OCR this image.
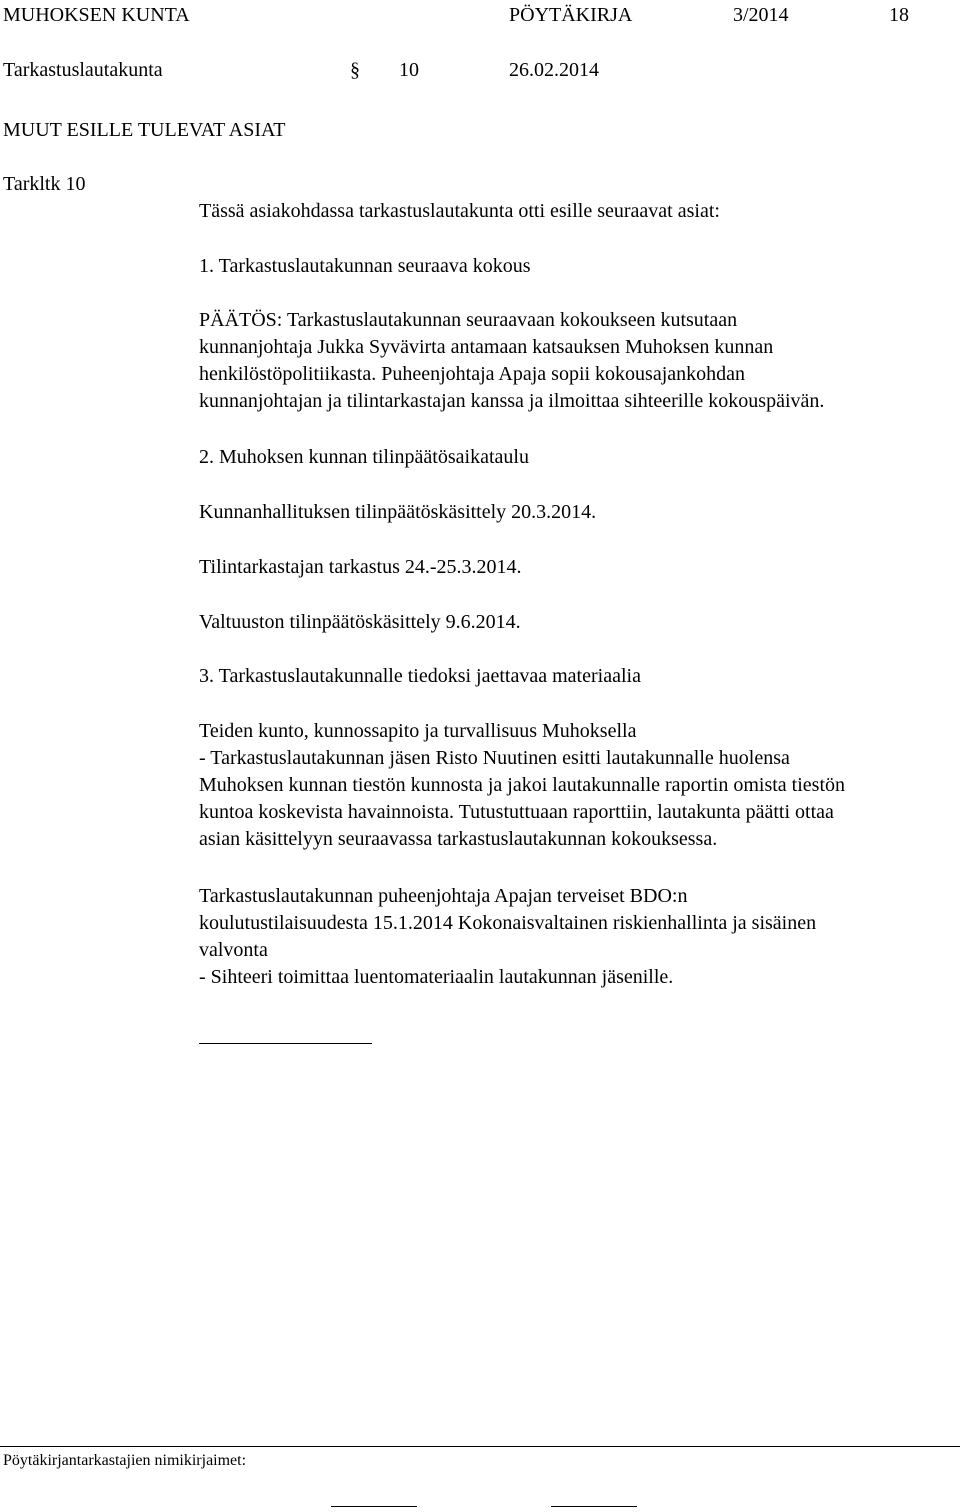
MUHOKSEN KUNTA	PÖYTÄKIRJA	3/2014	18
Tarkastuslautakunta	§ 10	26.02.2014
MUUT ESILLE TULEVAT ASIAT
Tarkltk 10
Tässä asiakohdassa tarkastuslautakunta otti esille seuraavat asiat:
1. Tarkastuslautakunnan seuraava kokous

PÄÄTÖS: Tarkastuslautakunnan seuraavaan kokoukseen kutsutaan

kunnanjohtaja Jukka Syvävirta antamaan katsauksen Muhoksen kunnan

henkilöstöpolitiikasta. Puheenjohtaja Apaja sopii kokousajankohdan

kunnanjohtajan ja tilintarkastajan kanssa ja ilmoittaa sihteerille kokouspäivän.

2. Muhoksen kunnan tilinpäätösaikataulu
Kunnanhallituksen tilinpäätöskäsittely 20.3.2014.
Tilintarkastajan tarkastus 24.-25.3.2014.
Valtuuston tilinpäätöskäsittely 9.6.2014.
3. Tarkastuslautakunnalle tiedoksi jaettavaa materiaalia

Teiden kunto, kunnossapito ja turvallisuus Muhoksella

- Tarkastuslautakunnan jäsen Risto Nuutinen esitti lautakunnalle huolensa

Muhoksen kunnan tiestön kunnosta ja jakoi lautakunnalle raportin omista tiestön

kuntoa koskevista havainnoista. Tutustuttuaan raporttiin, lautakunta päätti ottaa

asian käsittelyyn seuraavassa tarkastuslautakunnan kokouksessa.

Tarkastuslautakunnan puheenjohtaja Apajan terveiset BDO:n

koulutustilaisuudesta 15.1.2014 Kokonaisvaltainen riskienhallinta ja sisäinen

valvonta

- Sihteeri toimittaa luentomateriaalin lautakunnan jäsenille.

Pöytäkirjantarkastajien nimikirjaimet:
